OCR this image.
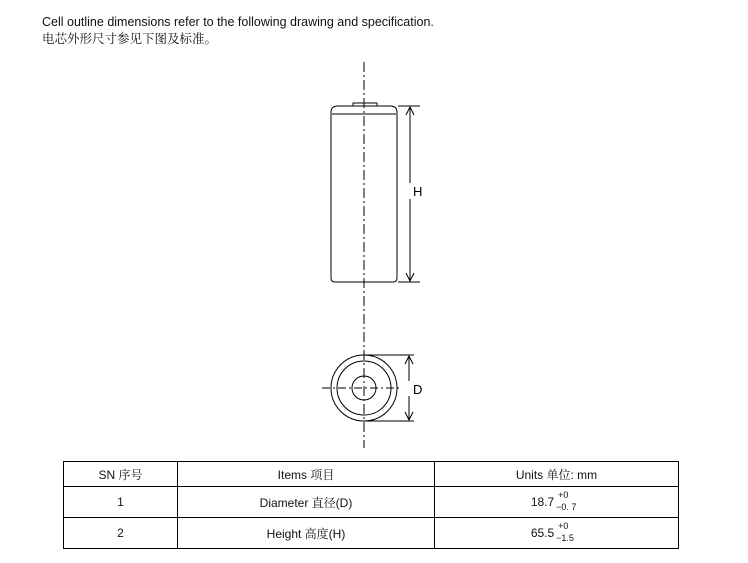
Cell outline dimensions refer to the following drawing and specification.
电芯外形尺寸参见下图及标准。
H
D
SN 序号	Items 项目	Units 单位: mm
1	Diameter 直径(D)	18.7 +0
−0. 7

2	Height 高度(H)	65.5 +0
−1.5
